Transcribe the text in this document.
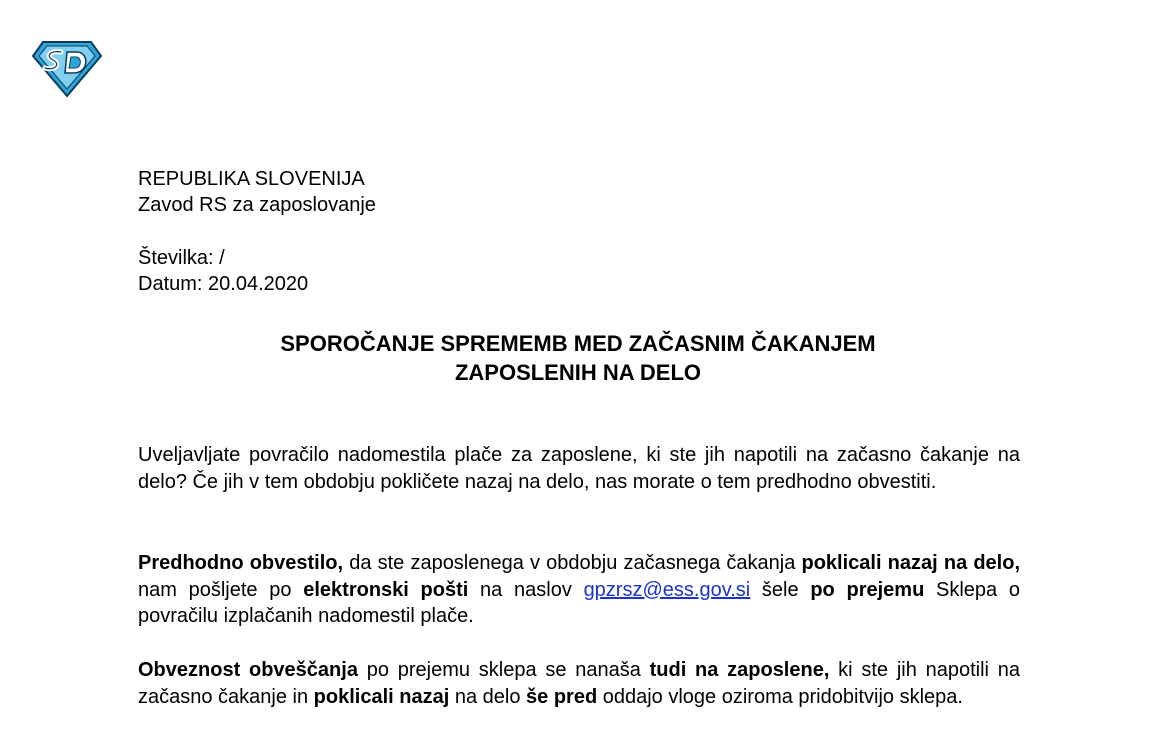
REPUBLIKA SLOVENIJA
Zavod RS za zaposlovanje
Številka: /
Datum: 20.04.2020
SPOROČANJE SPREMEMB MED ZAČASNIM ČAKANJEM
ZAPOSLENIH NA DELO

Uveljavljate povračilo nadomestila plače za zaposlene, ki ste jih napotili na začasno čakanje na delo? Če jih v tem obdobju pokličete nazaj na delo, nas morate o tem predhodno obvestiti.

Predhodno obvestilo, da ste zaposlenega v obdobju začasnega čakanja poklicali nazaj na delo, nam pošljete po elektronski pošti na naslov gpzrsz@ess.gov.si šele po prejemu Sklepa o povračilu izplačanih nadomestil plače.

Obveznost obveščanja po prejemu sklepa se nanaša tudi na zaposlene, ki ste jih napotili na začasno čakanje in poklicali nazaj na delo še pred oddajo vloge oziroma pridobitvijo sklepa.
